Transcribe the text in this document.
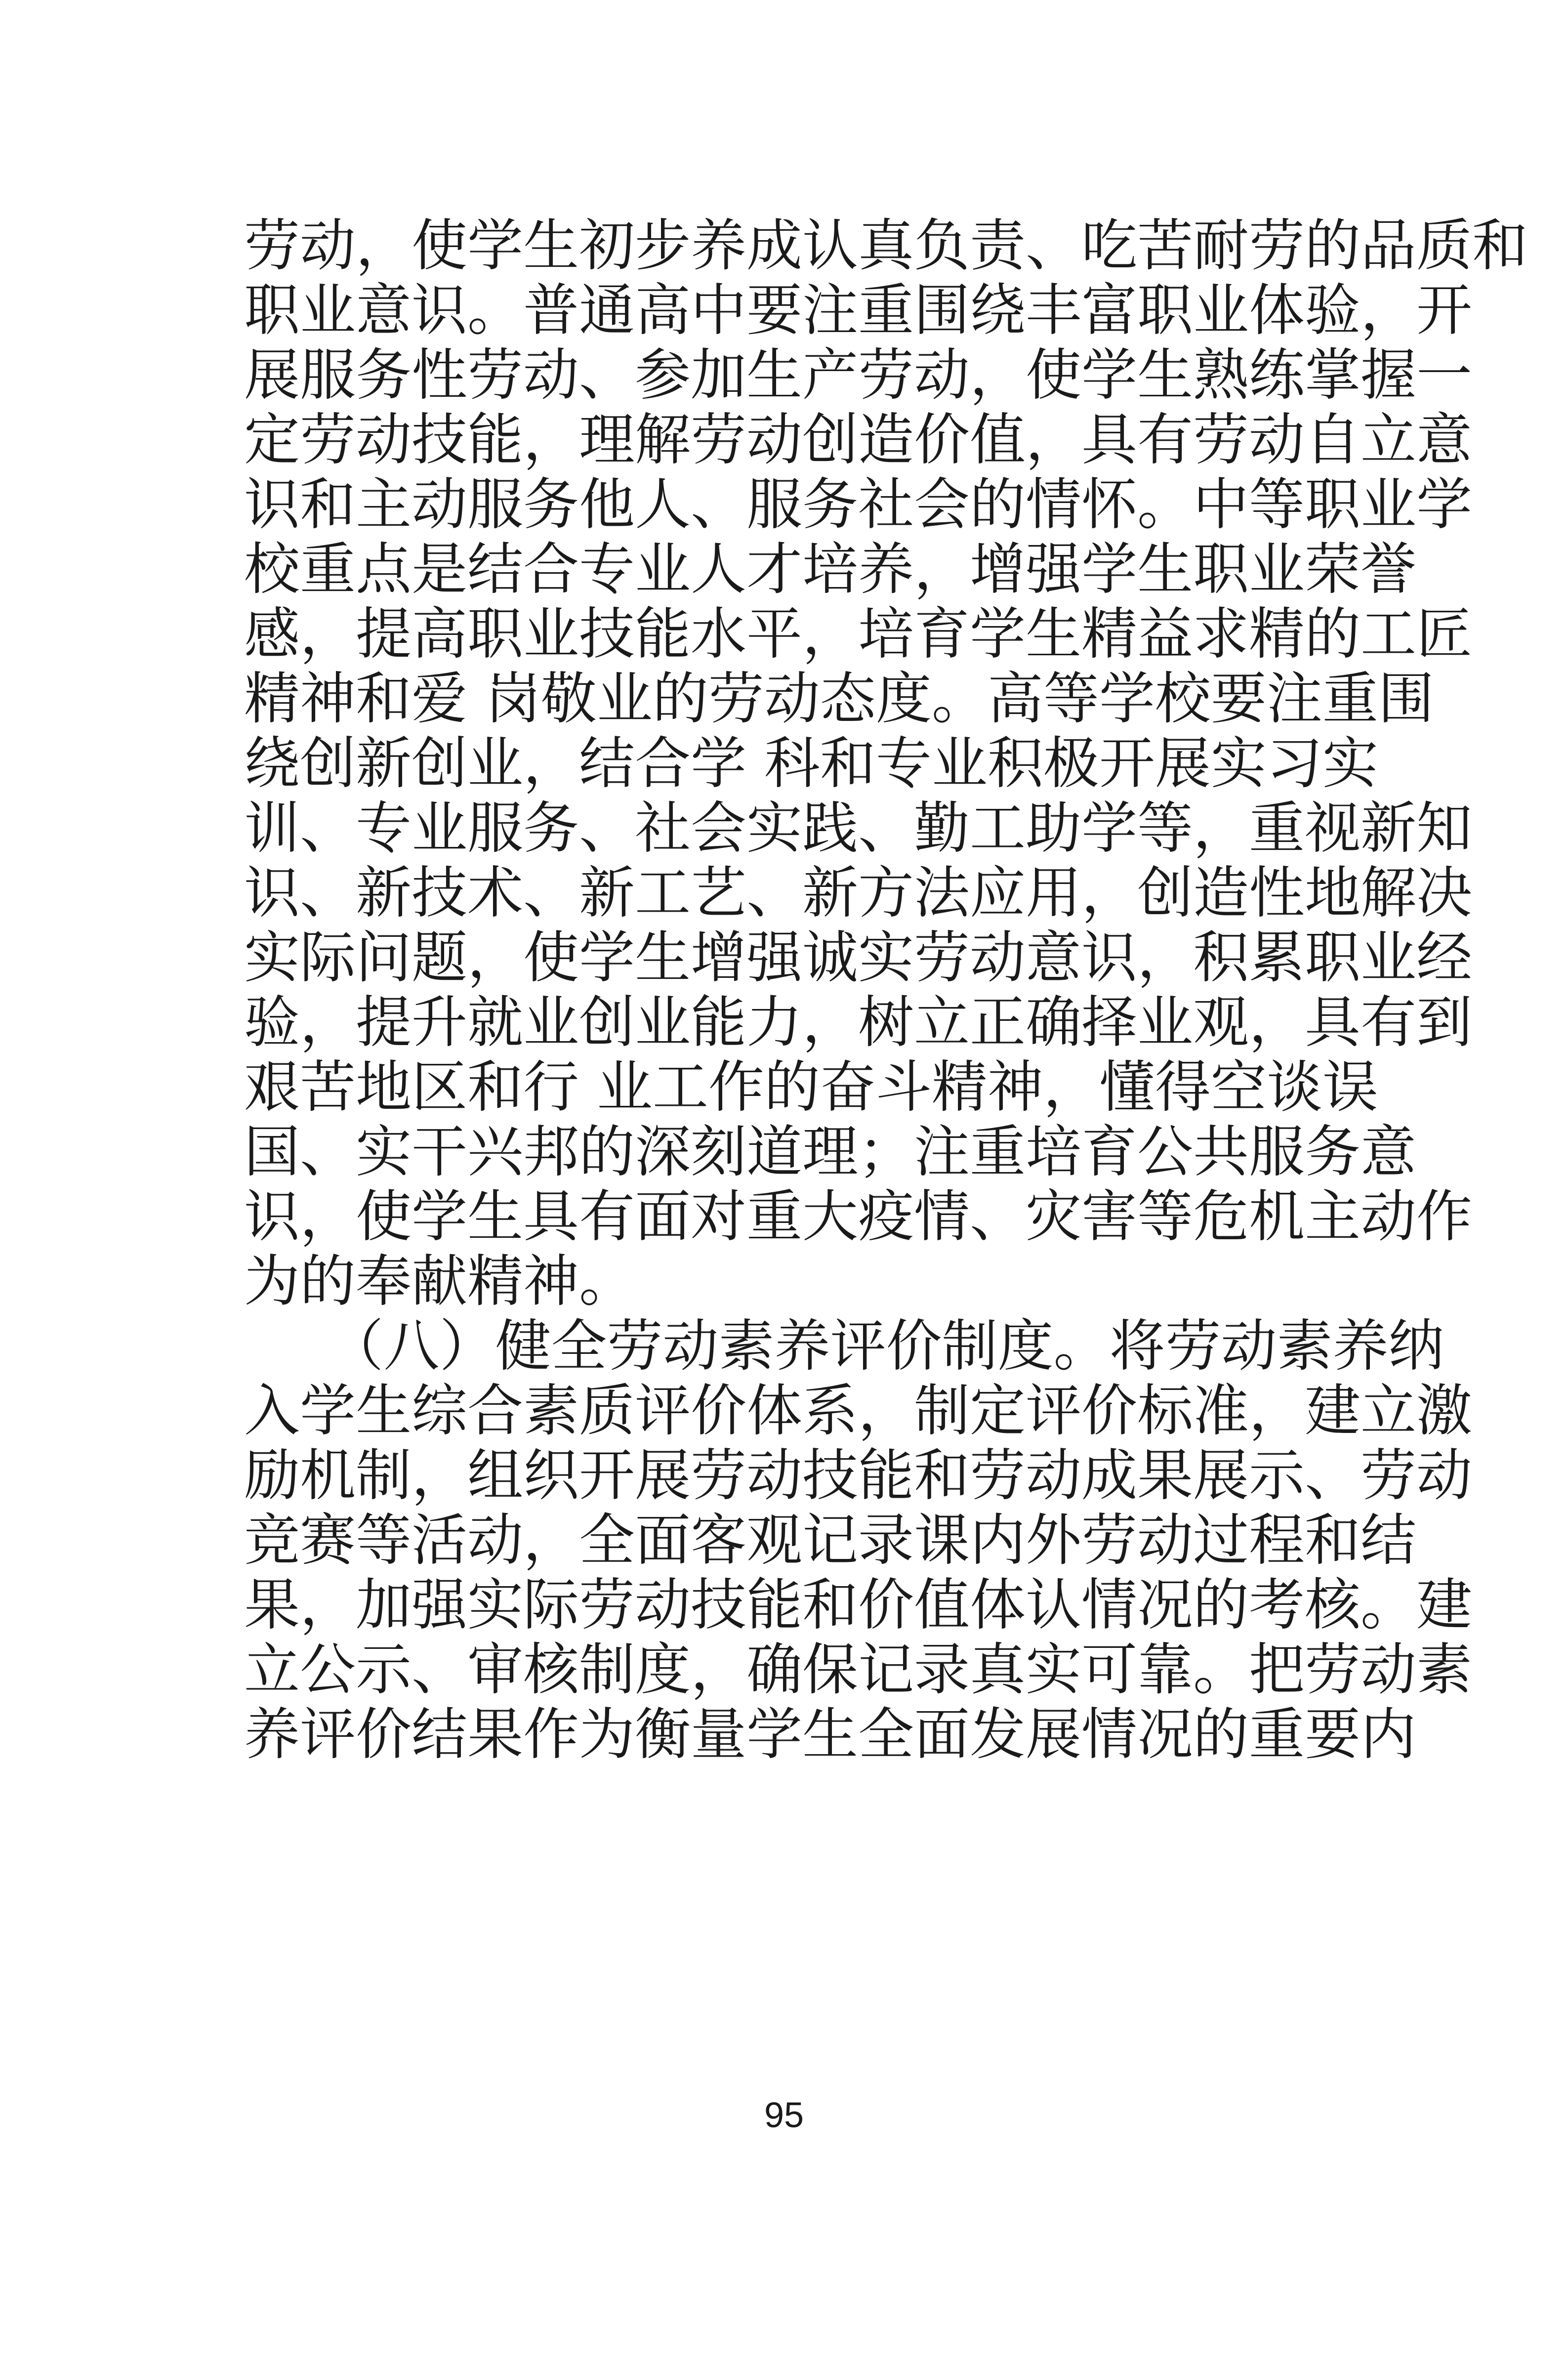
劳动，使学生初步养成认真负责、吃苦耐劳的品质和
职业意识。普通高中要注重围绕丰富职业体验，开
展服务性劳动、参加生产劳动，使学生熟练掌握一
定劳动技能，理解劳动创造价值，具有劳动自立意
识和主动服务他人、服务社会的情怀。中等职业学
校重点是结合专业人才培养，增强学生职业荣誉
感，提高职业技能水平，培育学生精益求精的工匠
精神和爱 岗敬业的劳动态度。高等学校要注重围
绕创新创业，结合学 科和专业积极开展实习实
训、专业服务、社会实践、勤工助学等，重视新知
识、新技术、新工艺、新方法应用，创造性地解决
实际问题，使学生增强诚实劳动意识，积累职业经
验，提升就业创业能力，树立正确择业观，具有到
艰苦地区和行 业工作的奋斗精神，懂得空谈误
国、实干兴邦的深刻道理；注重培育公共服务意
识，使学生具有面对重大疫情、灾害等危机主动作
为的奉献精神。
　　（八）健全劳动素养评价制度。将劳动素养纳
入学生综合素质评价体系，制定评价标准，建立激
励机制，组织开展劳动技能和劳动成果展示、劳动
竞赛等活动，全面客观记录课内外劳动过程和结
果，加强实际劳动技能和价值体认情况的考核。建
立公示、审核制度，确保记录真实可靠。把劳动素
养评价结果作为衡量学生全面发展情况的重要内
95
